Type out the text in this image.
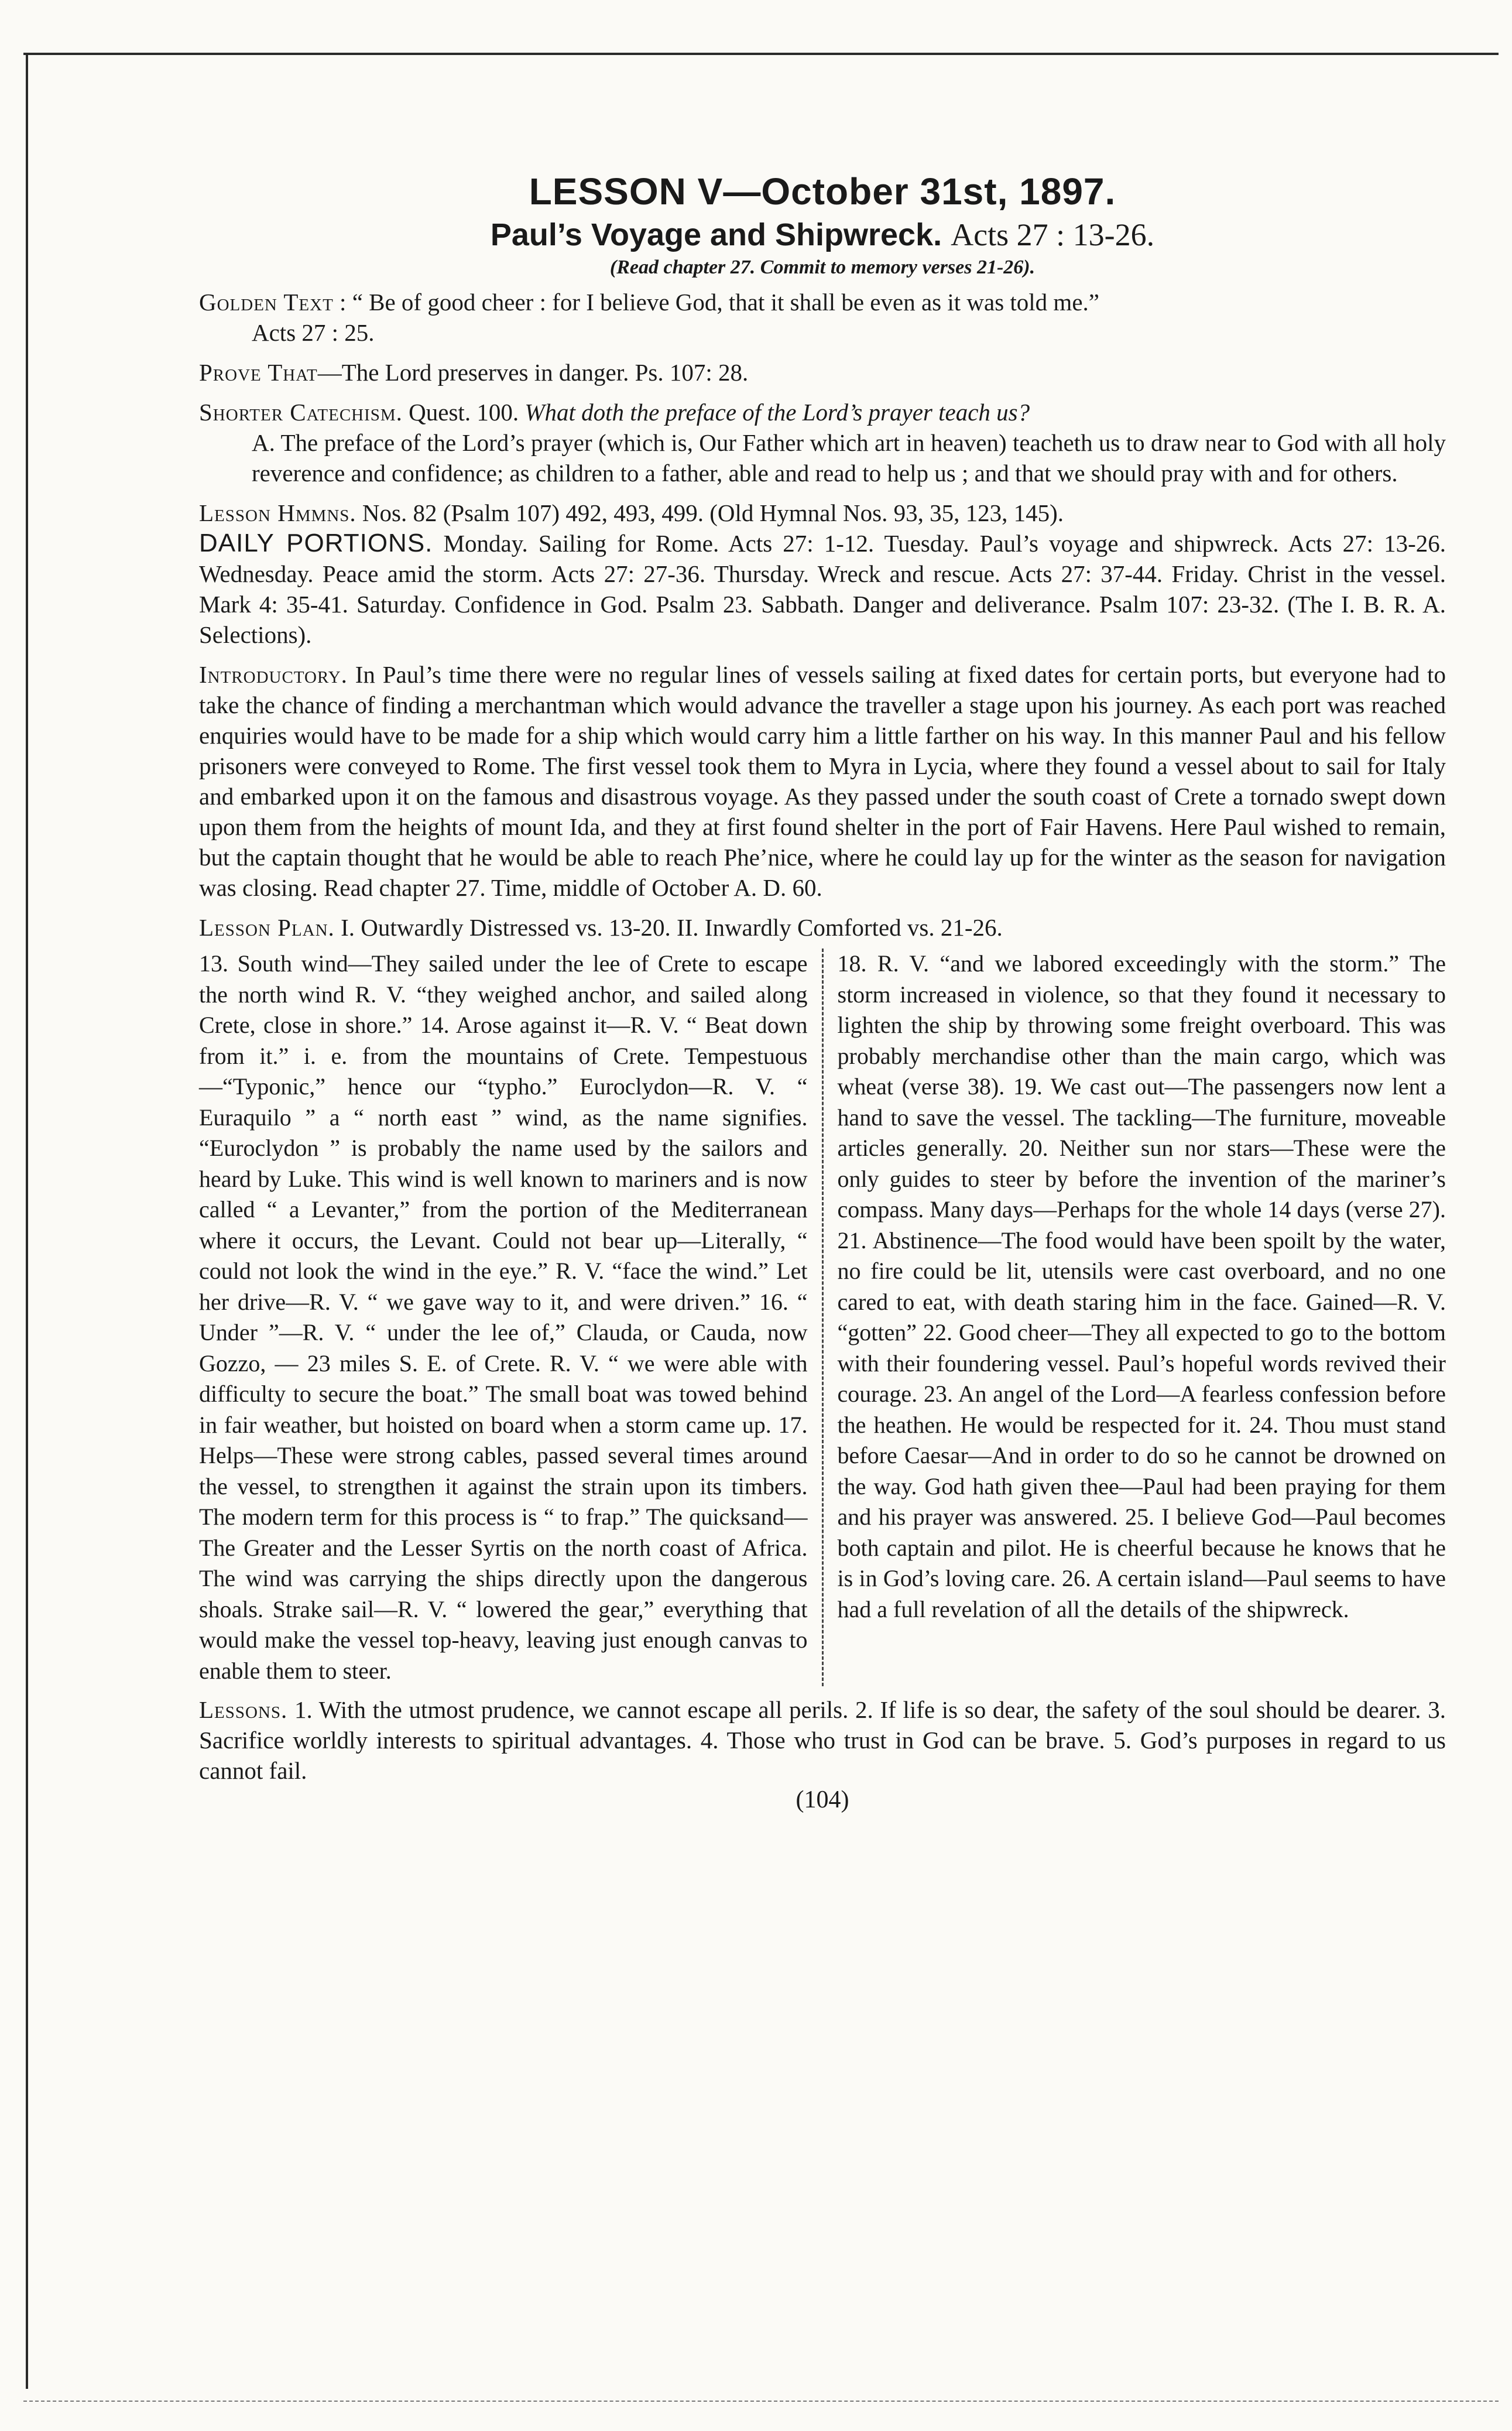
LESSON V—October 31st, 1897.
Paul’s Voyage and Shipwreck. Acts 27 : 13-26.
(Read chapter 27. Commit to memory verses 21-26).

Golden Text : “ Be of good cheer : for I believe God, that it shall be even as it was told me.”

Acts 27 : 25.

Prove That—The Lord preserves in danger. Ps. 107: 28.

Shorter Catechism. Quest. 100. What doth the preface of the Lord’s prayer teach us?

A. The preface of the Lord’s prayer (which is, Our Father which art in heaven) teacheth us to draw near to God with all holy reverence and confidence; as children to a father, able and read to help us ; and that we should pray with and for others.

Lesson Hmmns. Nos. 82 (Psalm 107) 492, 493, 499. (Old Hymnal Nos. 93, 35, 123, 145).

DAILY PORTIONS. Monday. Sailing for Rome. Acts 27: 1-12. Tuesday. Paul’s voyage and shipwreck. Acts 27: 13-26. Wednesday. Peace amid the storm. Acts 27: 27-36. Thursday. Wreck and rescue. Acts 27: 37-44. Friday. Christ in the vessel. Mark 4: 35-41. Saturday. Confidence in God. Psalm 23. Sabbath. Danger and deliverance. Psalm 107: 23-32. (The I. B. R. A. Selections).

Introductory. In Paul’s time there were no regular lines of vessels sailing at fixed dates for certain ports, but everyone had to take the chance of finding a merchantman which would advance the traveller a stage upon his journey. As each port was reached enquiries would have to be made for a ship which would carry him a little farther on his way. In this manner Paul and his fellow prisoners were conveyed to Rome. The first vessel took them to Myra in Lycia, where they found a vessel about to sail for Italy and embarked upon it on the famous and disastrous voyage. As they passed under the south coast of Crete a tornado swept down upon them from the heights of mount Ida, and they at first found shelter in the port of Fair Havens. Here Paul wished to remain, but the captain thought that he would be able to reach Phe’nice, where he could lay up for the winter as the season for navigation was closing. Read chapter 27. Time, middle of October A. D. 60.

Lesson Plan. I. Outwardly Distressed vs. 13-20. II. Inwardly Comforted vs. 21-26.

13. South wind—They sailed under the lee of Crete to escape the north wind R. V. “they weighed anchor, and sailed along Crete, close in shore.” 14. Arose against it—R. V. “ Beat down from it.” i. e. from the mountains of Crete. Tempestuous—“Typonic,” hence our “typho.” Euroclydon—R. V. “ Euraquilo ” a “ north east ” wind, as the name signifies. “Euroclydon ” is probably the name used by the sailors and heard by Luke. This wind is well known to mariners and is now called “ a Levanter,” from the portion of the Mediterranean where it occurs, the Levant. Could not bear up—Literally, “ could not look the wind in the eye.” R. V. “face the wind.” Let her drive—R. V. “ we gave way to it, and were driven.” 16. “ Under ”—R. V. “ under the lee of,” Clauda, or Cauda, now Gozzo, — 23 miles S. E. of Crete. R. V. “ we were able with difficulty to secure the boat.” The small boat was towed behind in fair weather, but hoisted on board when a storm came up. 17. Helps—These were strong cables, passed several times around the vessel, to strengthen it against the strain upon its timbers. The modern term for this process is “ to frap.” The quicksand—The Greater and the Lesser Syrtis on the north coast of Africa. The wind was carrying the ships directly upon the dangerous shoals. Strake sail—R. V. “ lowered the gear,” everything that would make the vessel top-heavy, leaving just enough canvas to enable them to steer.

18. R. V. “and we labored exceedingly with the storm.” The storm increased in violence, so that they found it necessary to lighten the ship by throwing some freight overboard. This was probably merchandise other than the main cargo, which was wheat (verse 38). 19. We cast out—The passengers now lent a hand to save the vessel. The tackling—The furniture, moveable articles generally. 20. Neither sun nor stars—These were the only guides to steer by before the invention of the mariner’s compass. Many days—Perhaps for the whole 14 days (verse 27). 21. Abstinence—The food would have been spoilt by the water, no fire could be lit, utensils were cast overboard, and no one cared to eat, with death staring him in the face. Gained—R. V. “gotten” 22. Good cheer—They all expected to go to the bottom with their foundering vessel. Paul’s hopeful words revived their courage. 23. An angel of the Lord—A fearless confession before the heathen. He would be respected for it. 24. Thou must stand before Caesar—And in order to do so he cannot be drowned on the way. God hath given thee—Paul had been praying for them and his prayer was answered. 25. I believe God—Paul becomes both captain and pilot. He is cheerful because he knows that he is in God’s loving care. 26. A certain island—Paul seems to have had a full revelation of all the details of the shipwreck.

Lessons. 1. With the utmost prudence, we cannot escape all perils. 2. If life is so dear, the safety of the soul should be dearer. 3. Sacrifice worldly interests to spiritual advantages. 4. Those who trust in God can be brave. 5. God’s purposes in regard to us cannot fail.

(104)
